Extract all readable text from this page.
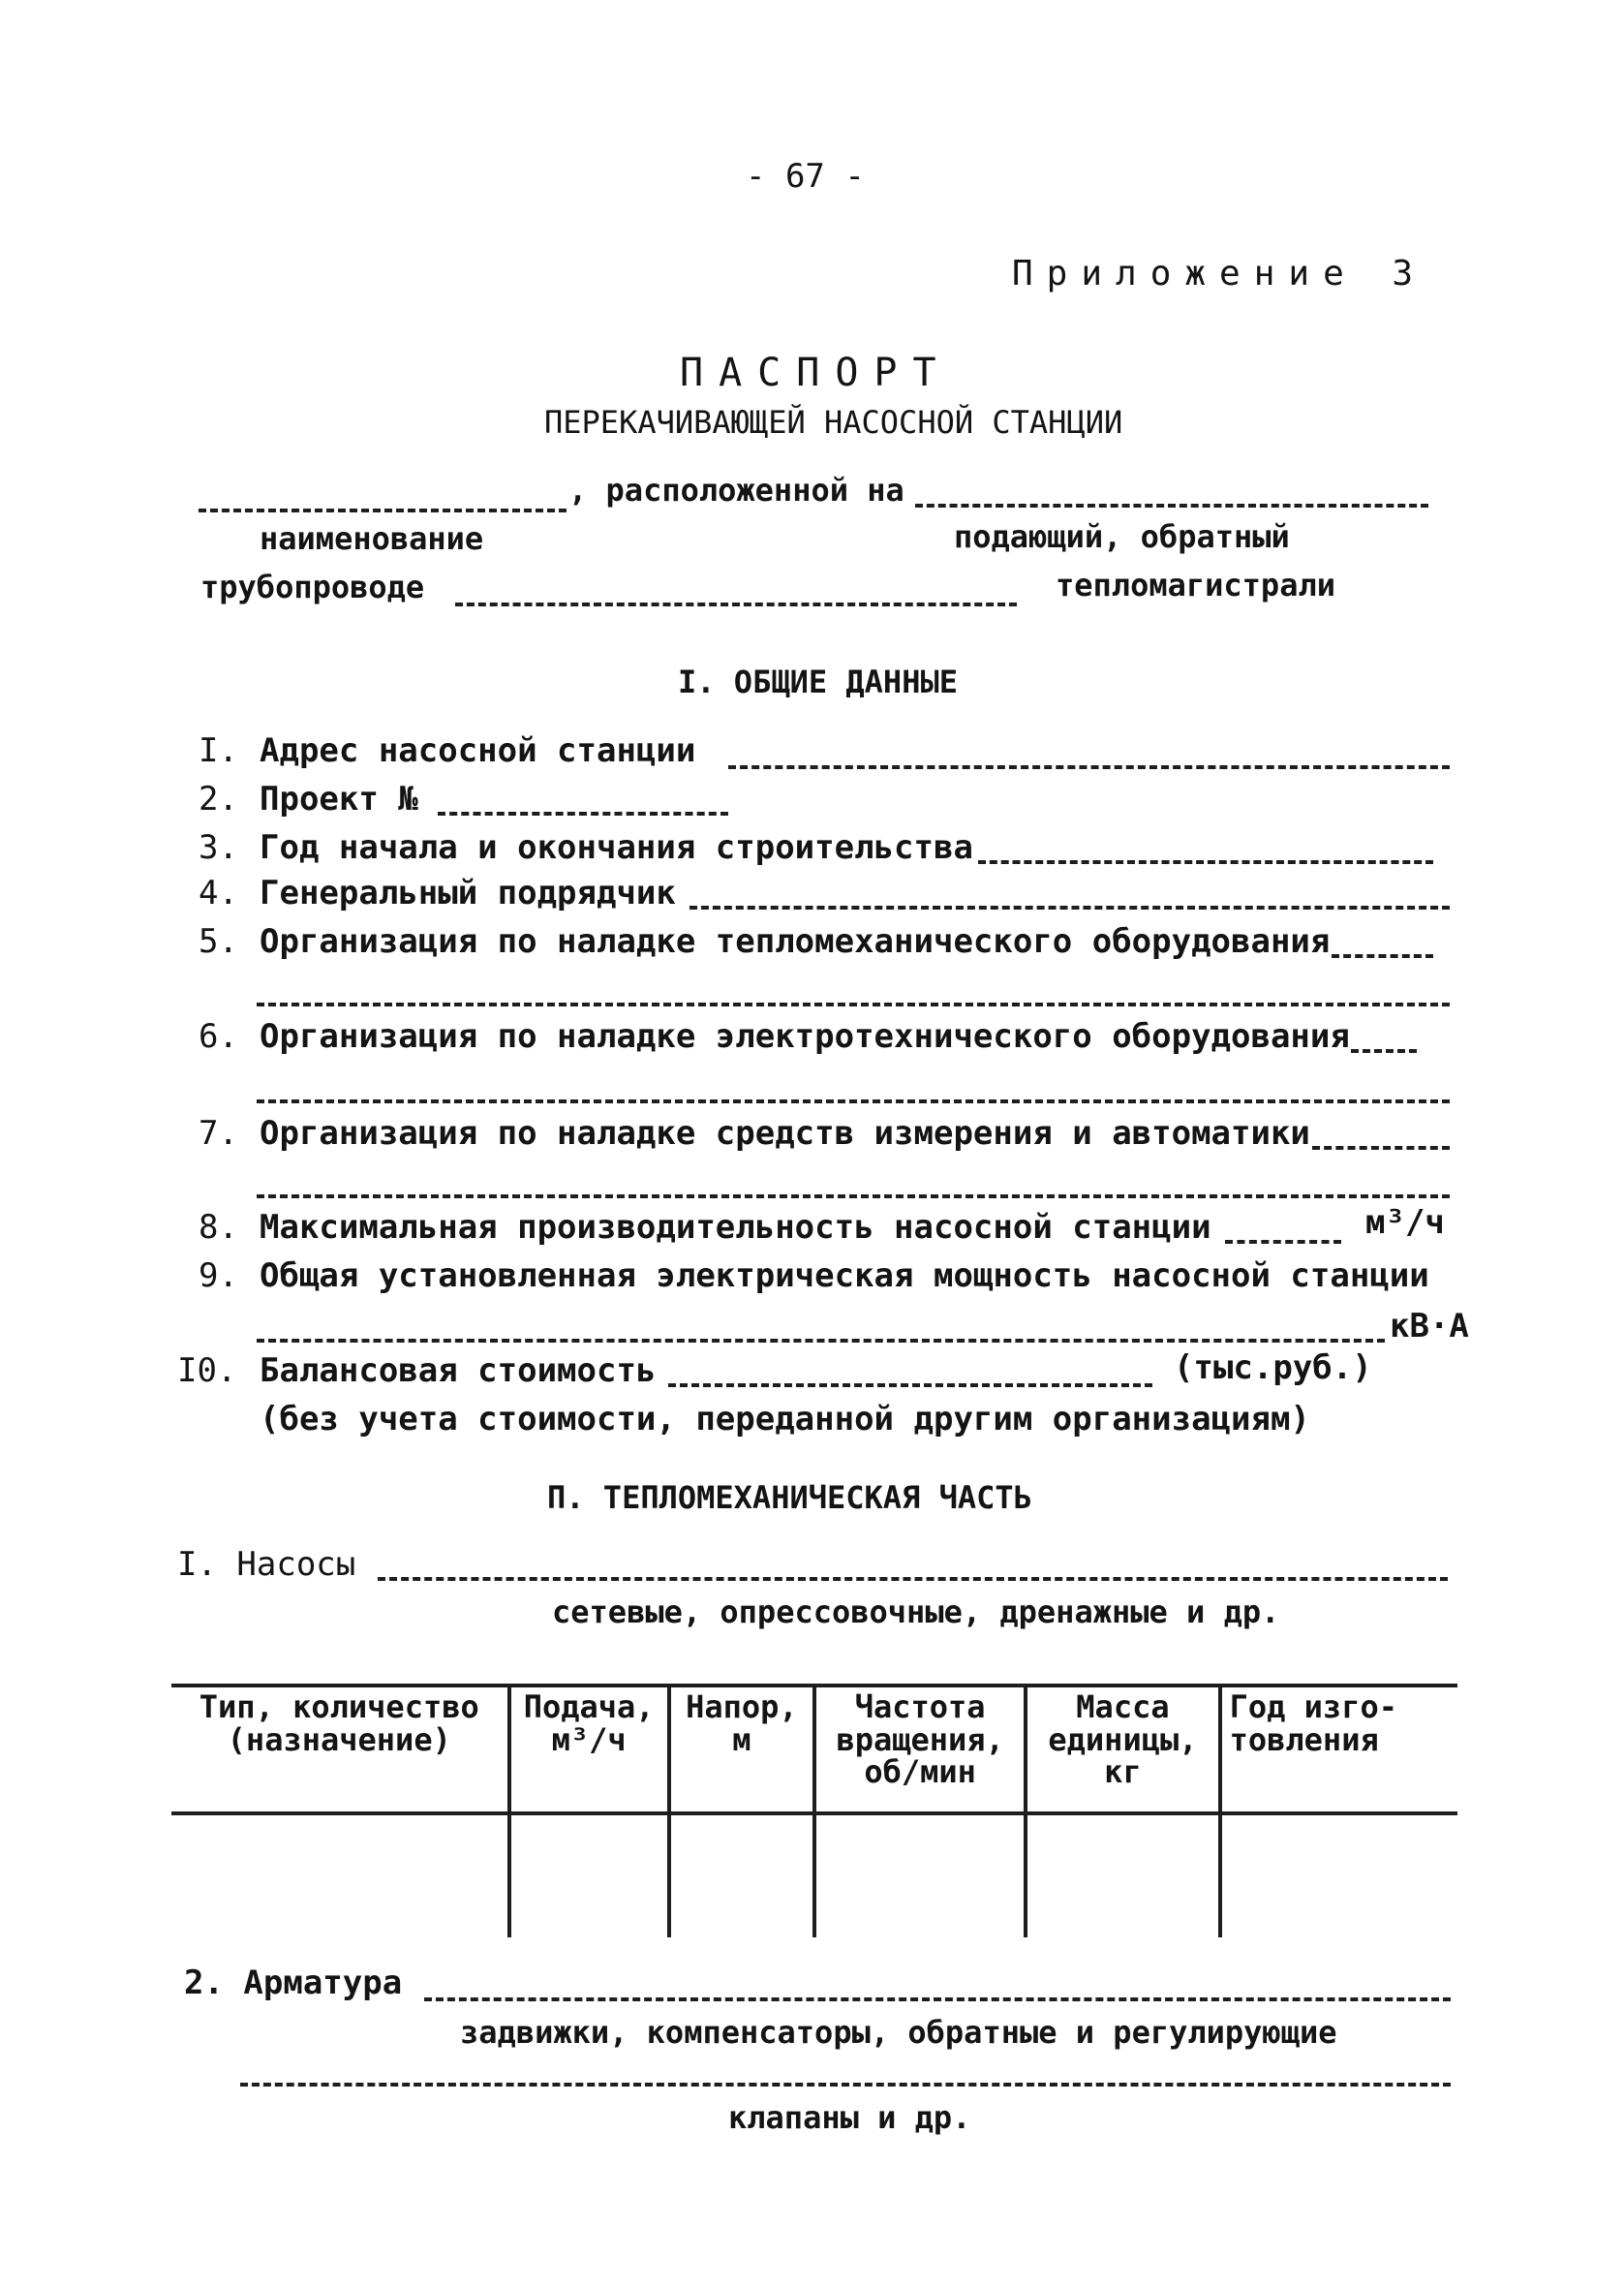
- 67 -
Приложение 3
ПАСПОРТ
ПЕРЕКАЧИВАЮЩЕЙ НАСОСНОЙ СТАНЦИИ
, расположенной на
наименование	подающий, обратный
трубопроводе	тепломагистрали
I. ОБЩИЕ ДАННЫЕ
I. Адрес насосной станции
2. Проект №
3. Год начала и окончания строительства
4. Генеральный подрядчик
5. Организация по наладке тепломеханического оборудования
6. Организация по наладке электротехнического оборудования
7. Организация по наладке средств измерения и автоматики
8. Максимальная производительность насосной станции	м³/ч
9. Общая установленная электрическая мощность насосной станции
кВ·А
I0. Балансовая стоимость	(тыс.руб.)
(без учета стоимости, переданной другим организациям)
П. ТЕПЛОМЕХАНИЧЕСКАЯ ЧАСТЬ
I. Насосы
сетевые, опрессовочные, дренажные и др.
Тип, количество (назначение)	Подача, м³/ч	Напор, м	Частота вращения, об/мин	Масса единицы, кг	Год изго-товления

2. Арматура
задвижки, компенсаторы, обратные и регулирующие
клапаны и др.
